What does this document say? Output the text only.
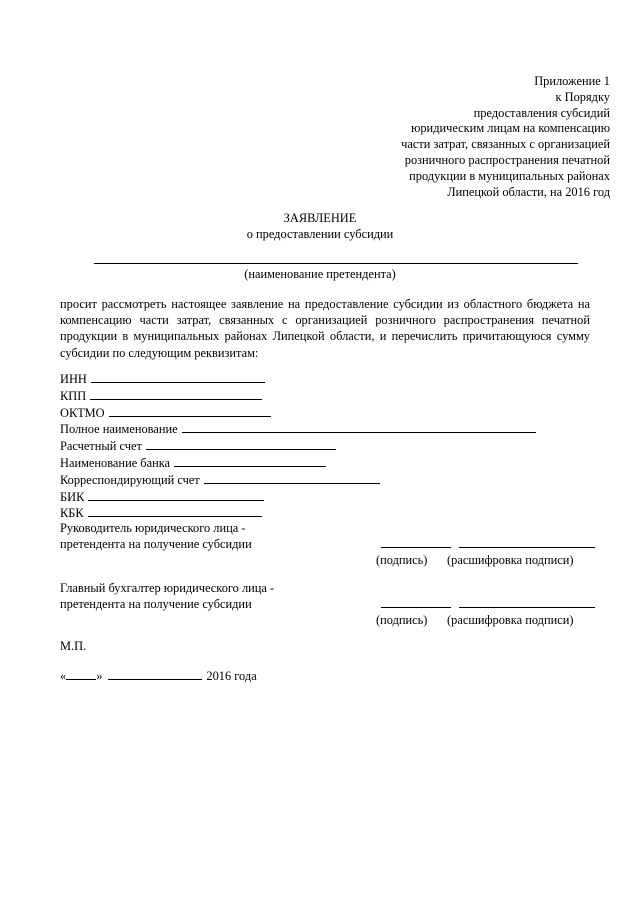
Приложение 1
к Порядку
предоставления субсидий
юридическим лицам на компенсацию
части затрат, связанных с организацией
розничного распространения печатной
продукции в муниципальных районах
Липецкой области, на 2016 год
ЗАЯВЛЕНИЕ
о предоставлении субсидии
(наименование претендента)
просит рассмотреть настоящее заявление на предоставление субсидии из областного бюджета на компенсацию части затрат, связанных с организацией розничного распространения печатной продукции в муниципальных районах Липецкой области, и перечислить причитающуюся сумму субсидии по следующим реквизитам:
ИНН
КПП
ОКТМО
Полное наименование
Расчетный счет
Наименование банка
Корреспондирующий счет
БИК
КБК
Руководитель юридического лица -
претендента на получение субсидии
(подпись) (расшифровка подписи)
Главный бухгалтер юридического лица -
претендента на получение субсидии
(подпись) (расшифровка подписи)
М.П.
« »	2016 года
